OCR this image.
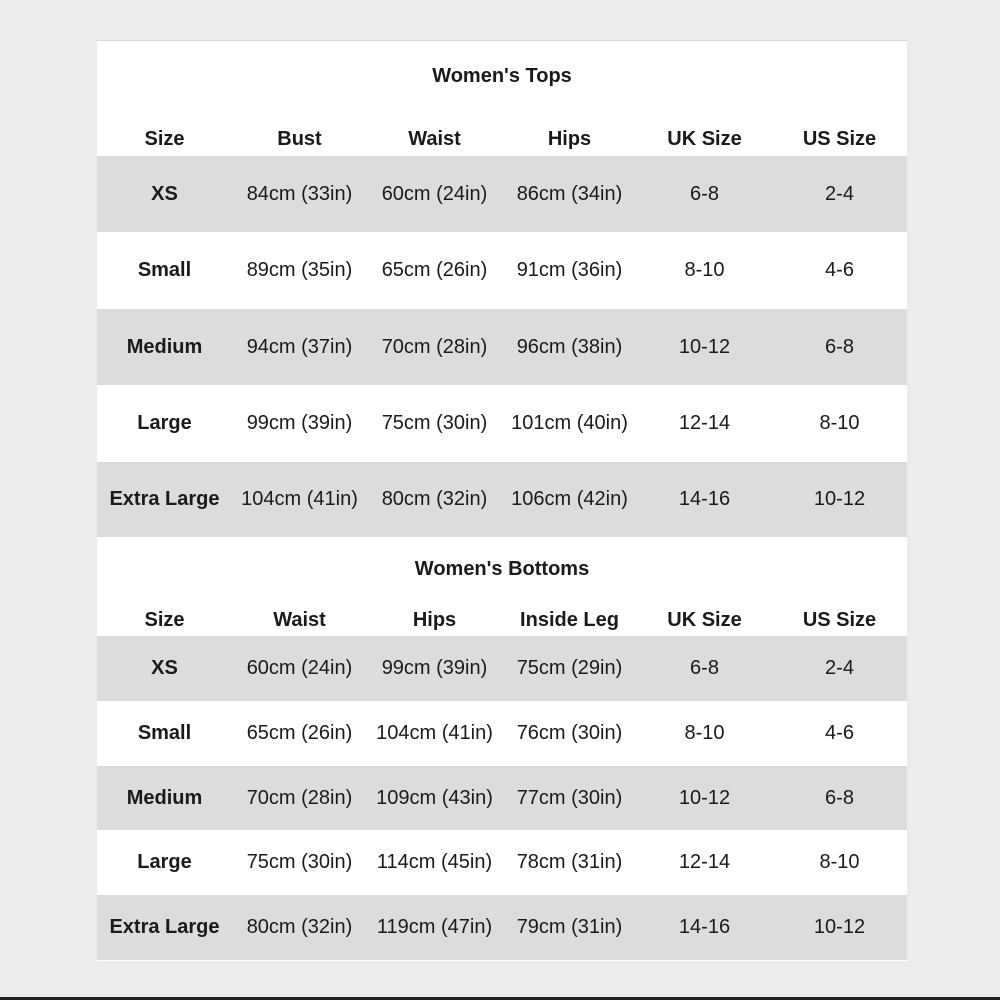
Women's Tops
Size	Bust	Waist	Hips	UK Size	US Size
XS	84cm (33in)	60cm (24in)	86cm (34in)	6-8	2-4
Small	89cm (35in)	65cm (26in)	91cm (36in)	8-10	4-6
Medium	94cm (37in)	70cm (28in)	96cm (38in)	10-12	6-8
Large	99cm (39in)	75cm (30in)	101cm (40in)	12-14	8-10
Extra Large	104cm (41in)	80cm (32in)	106cm (42in)	14-16	10-12
Women's Bottoms
Size	Waist	Hips	Inside Leg	UK Size	US Size
XS	60cm (24in)	99cm (39in)	75cm (29in)	6-8	2-4
Small	65cm (26in)	104cm (41in)	76cm (30in)	8-10	4-6
Medium	70cm (28in)	109cm (43in)	77cm (30in)	10-12	6-8
Large	75cm (30in)	114cm (45in)	78cm (31in)	12-14	8-10
Extra Large	80cm (32in)	119cm (47in)	79cm (31in)	14-16	10-12
